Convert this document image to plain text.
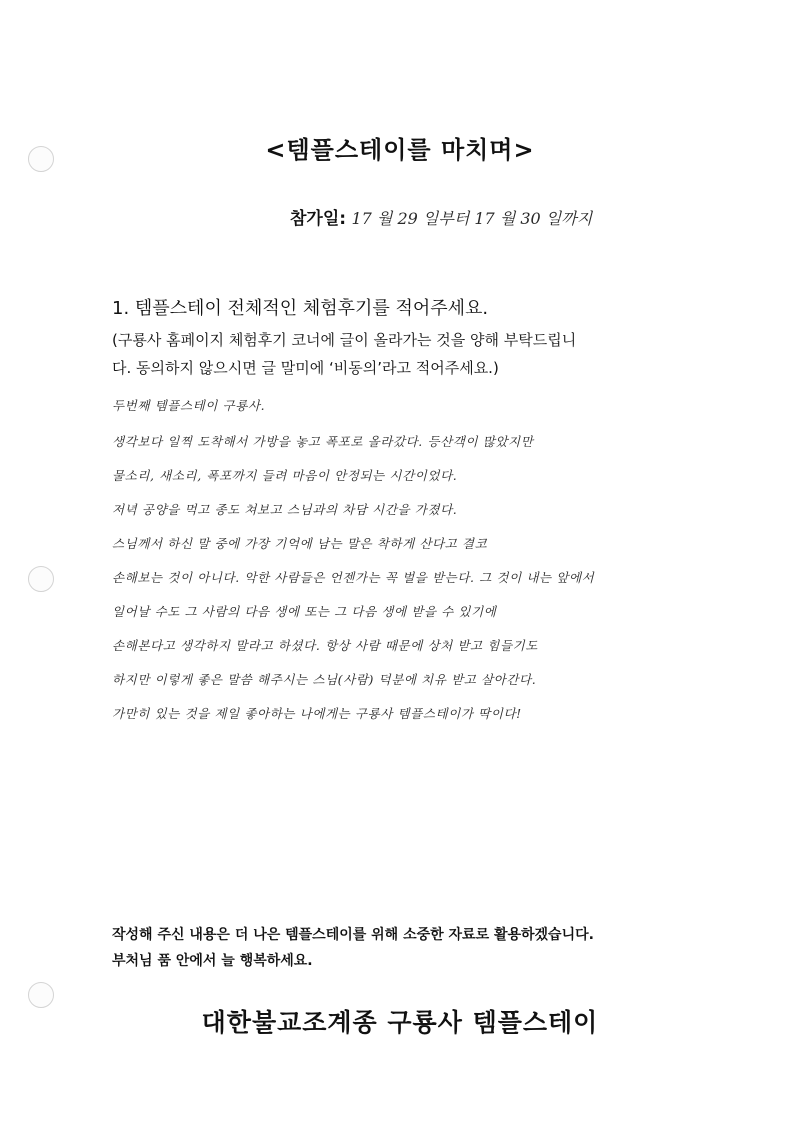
<템플스테이를 마치며>
참가일: 17 월 29 일부터 17 월 30 일까지
1. 템플스테이 전체적인 체험후기를 적어주세요.
(구룡사 홈페이지 체험후기 코너에 글이 올라가는 것을 양해 부탁드립니
다. 동의하지 않으시면 글 말미에 ‘비동의’라고 적어주세요.)
두번째 템플스테이 구룡사.
생각보다 일찍 도착해서 가방을 놓고 폭포로 올라갔다. 등산객이 많았지만
물소리, 새소리, 폭포까지 들려 마음이 안정되는 시간이었다.
저녁 공양을 먹고 종도 쳐보고 스님과의 차담 시간을 가졌다.
스님께서 하신 말 중에 가장 기억에 남는 말은 착하게 산다고 결코
손해보는 것이 아니다. 악한 사람들은 언젠가는 꼭 벌을 받는다. 그 것이 내는 앞에서
일어날 수도 그 사람의 다음 생에 또는 그 다음 생에 받을 수 있기에
손해본다고 생각하지 말라고 하셨다. 항상 사람 때문에 상처 받고 힘들기도
하지만 이렇게 좋은 말씀 해주시는 스님(사람) 덕분에 치유 받고 살아간다.
가만히 있는 것을 제일 좋아하는 나에게는 구룡사 템플스테이가 딱이다!
작성해 주신 내용은 더 나은 템플스테이를 위해 소중한 자료로 활용하겠습니다.
부처님 품 안에서 늘 행복하세요.
대한불교조계종 구룡사 템플스테이
